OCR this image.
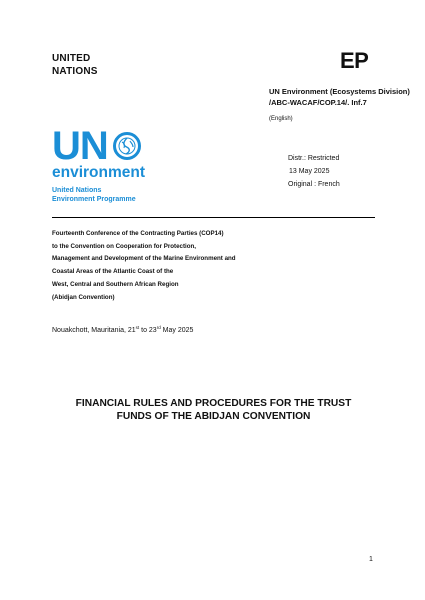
UNITED
NATIONS	EP
UN Environment (Ecosystems Division)
/ABC-WACAF/COP.14/. Inf.7
(English)
UN
environment
United Nations
Environment Programme
Distr.: Restricted
13 May 2025
Original : French
Fourteenth Conference of the Contracting Parties (COP14)
to the Convention on Cooperation for Protection,
Management and Development of the Marine Environment and
Coastal Areas of the Atlantic Coast of the
West, Central and Southern African Region
(Abidjan Convention)
Nouakchott, Mauritania, 21st to 23rd May 2025
FINANCIAL RULES AND PROCEDURES FOR THE TRUST
FUNDS OF THE ABIDJAN CONVENTION
1
